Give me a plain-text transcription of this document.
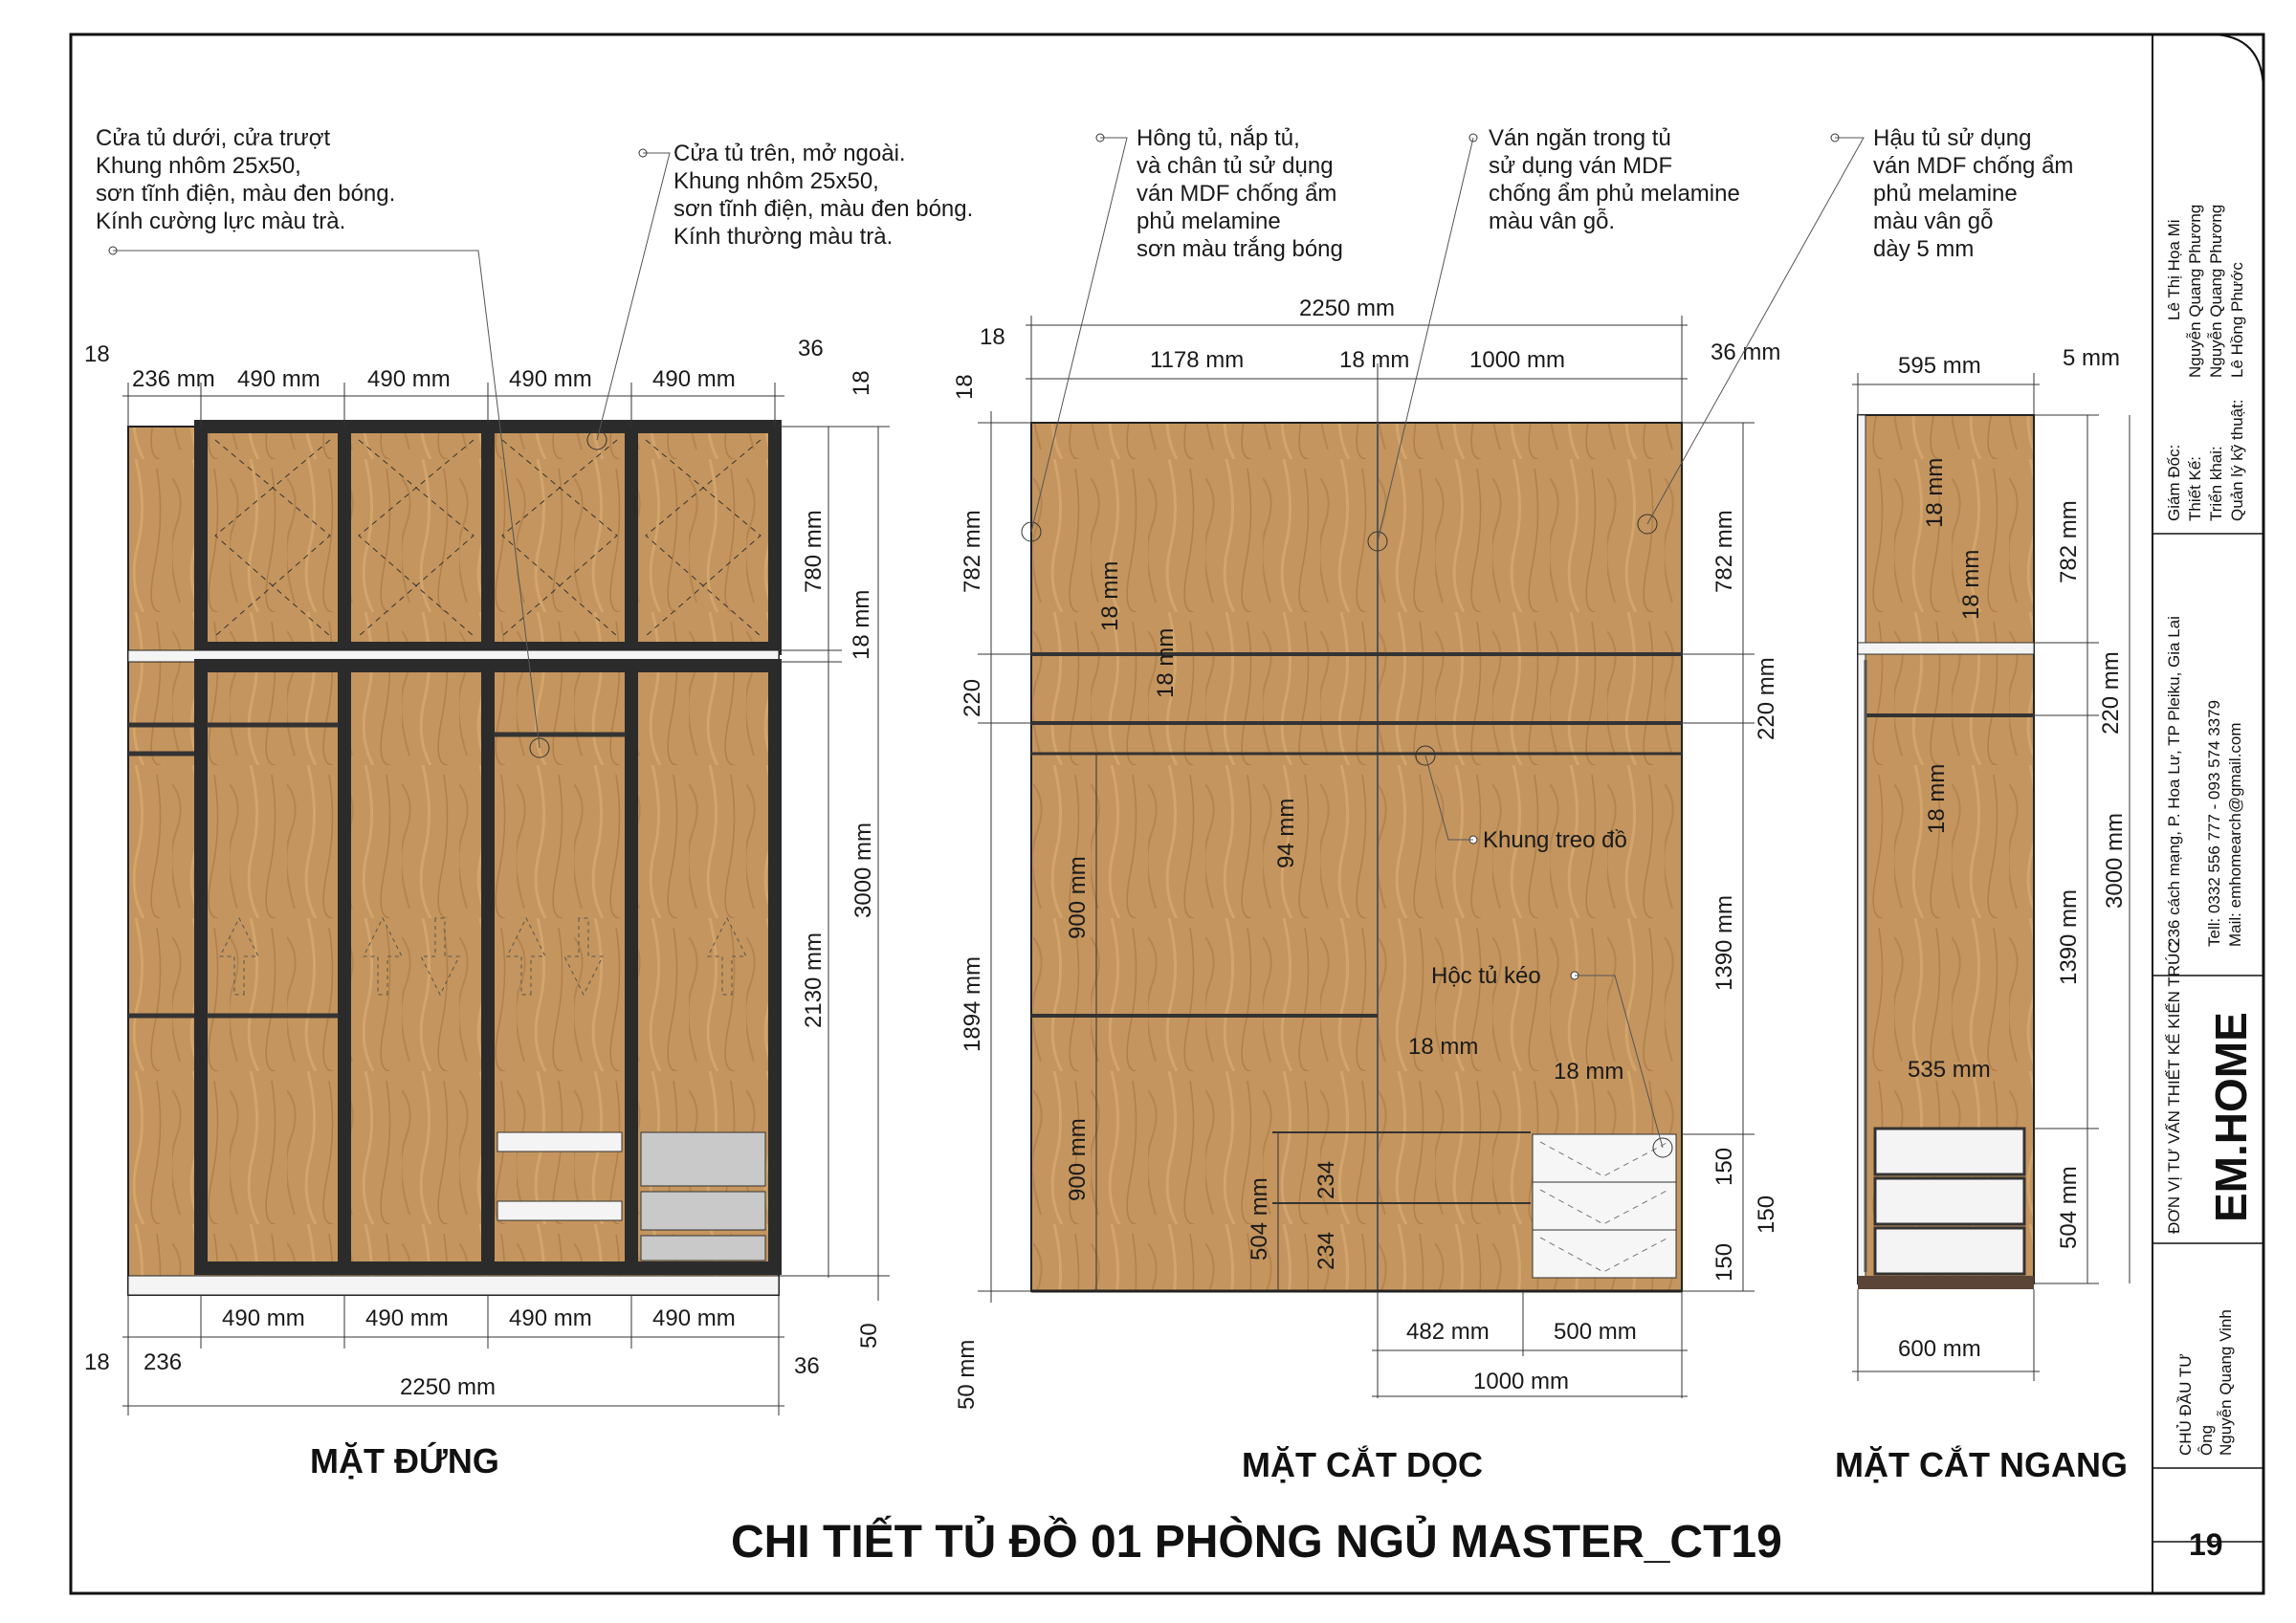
Giám Đốc:
Lê Thị Họa Mi
Thiết Kế:
Nguyễn Quang Phương
Triển khai:
Nguyễn Quang Phương
Quản lý kỹ thuật:
Lê Hồng Phước
236 cách mạng, P. Hoa Lư, TP Pleiku, Gia Lai Tell: 0332 556 777 - 093 574 3379 Mail: emhomearch@gmail.com
ĐƠN VỊ TƯ VẤN THIẾT KẾ KIẾN TRÚC EM.HOME
CHỦ ĐẦU TƯ Ông Nguyễn Quang Vinh
19
18
236 mm 490 mm 490 mm	490 mm	490 mm
36
18
780 mm
18 mm
2130 mm
3000 mm
50
490 mm	490 mm	490 mm	490 mm
18 236	36
2250 mm
Cửa tủ dưới, cửa trượt
Khung nhôm 25x50,
sơn tĩnh điện, màu đen bóng.
Kính cường lực màu trà.
Cửa tủ trên, mở ngoài.
Khung nhôm 25x50,
sơn tĩnh điện, màu đen bóng.
Kính thường màu trà.
2250 mm
18
1178 mm	18 mm	1000 mm	36 mm
18
782 mm
220
1894 mm
50 mm
18 mm
18 mm
94 mm
900 mm
900 mm
504 mm 234
234
18 mm
18 mm
782 mm
220 mm
1390 mm
150
150
150
482 mm	500 mm
1000 mm
Hông tủ, nắp tủ,
và chân tủ sử dụng
ván MDF chống ẩm
phủ melamine
sơn màu trắng bóng
Ván ngăn trong tủ
sử dụng ván MDF
chống ẩm phủ melamine
màu vân gỗ.
Hậu tủ sử dụng
ván MDF chống ẩm
phủ melamine
màu vân gỗ
dày 5 mm
Khung treo đồ
Hộc tủ kéo
595 mm	5 mm
18 mm
18 mm
18 mm
535 mm
782 mm
220 mm
1390 mm
504 mm
3000 mm
600 mm
MẶT ĐỨNG	MẶT CẮT DỌC	MẶT CẮT NGANG
CHI TIẾT TỦ ĐỒ 01 PHÒNG NGỦ MASTER_CT19
